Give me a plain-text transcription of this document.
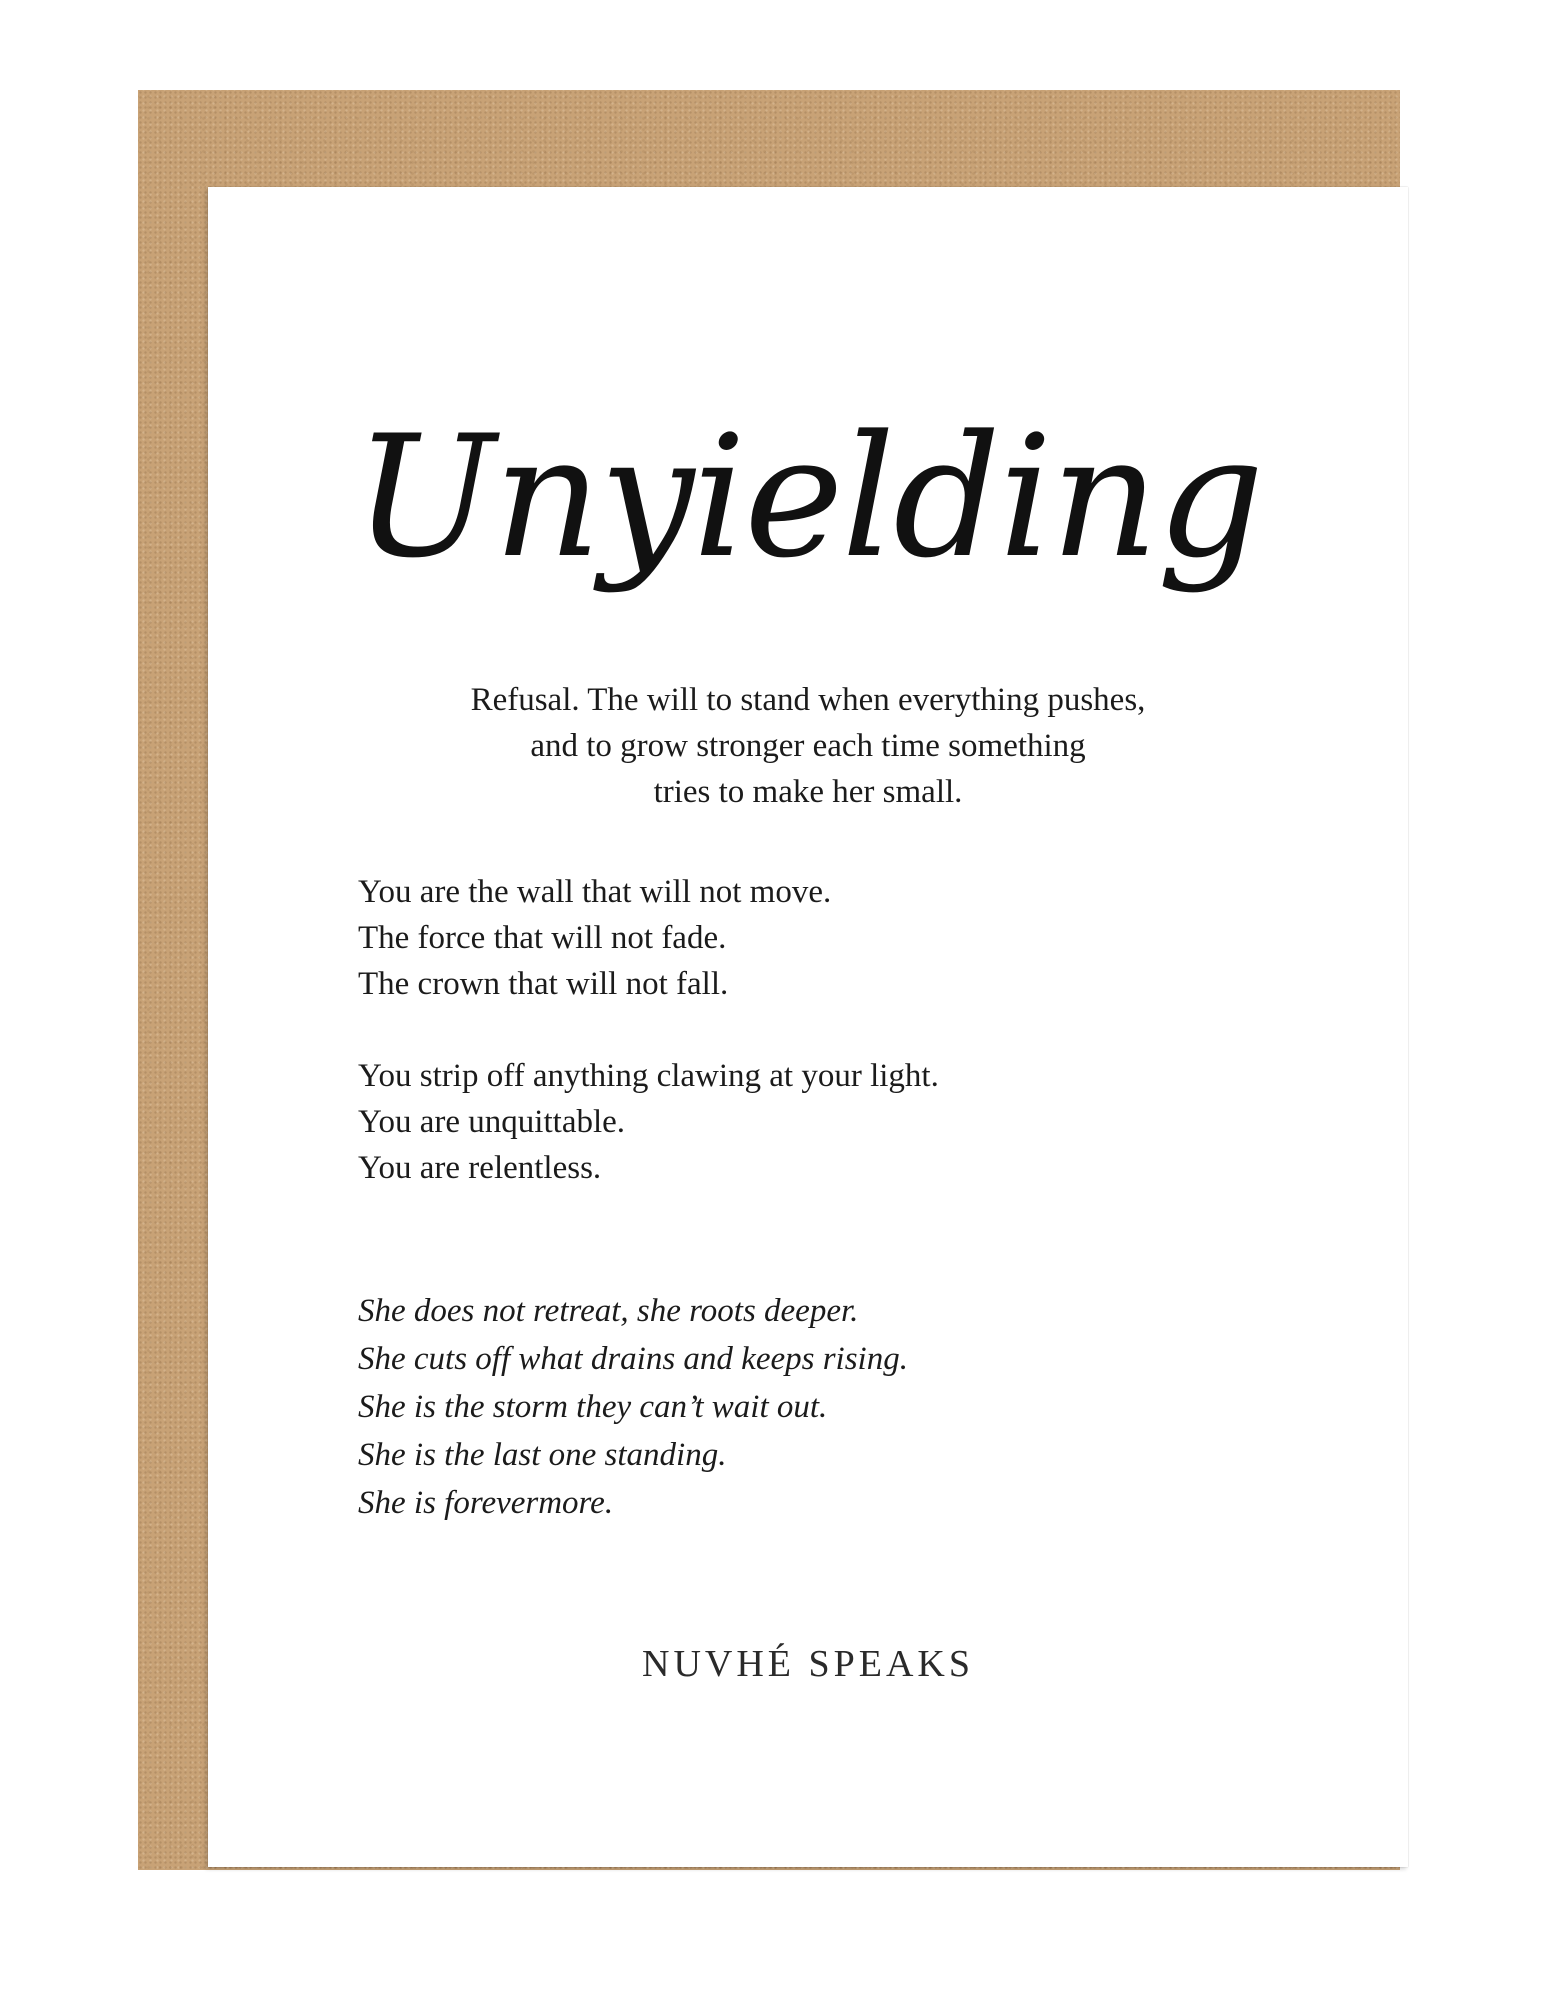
Unyielding
Refusal. The will to stand when everything pushes,
and to grow stronger each time something
tries to make her small.
You are the wall that will not move.
The force that will not fade.
The crown that will not fall.
You strip off anything clawing at your light.
You are unquittable.
You are relentless.
She does not retreat, she roots deeper.
She cuts off what drains and keeps rising.
She is the storm they can’t wait out.
She is the last one standing.
She is forevermore.
NUVHÉ SPEAKS
